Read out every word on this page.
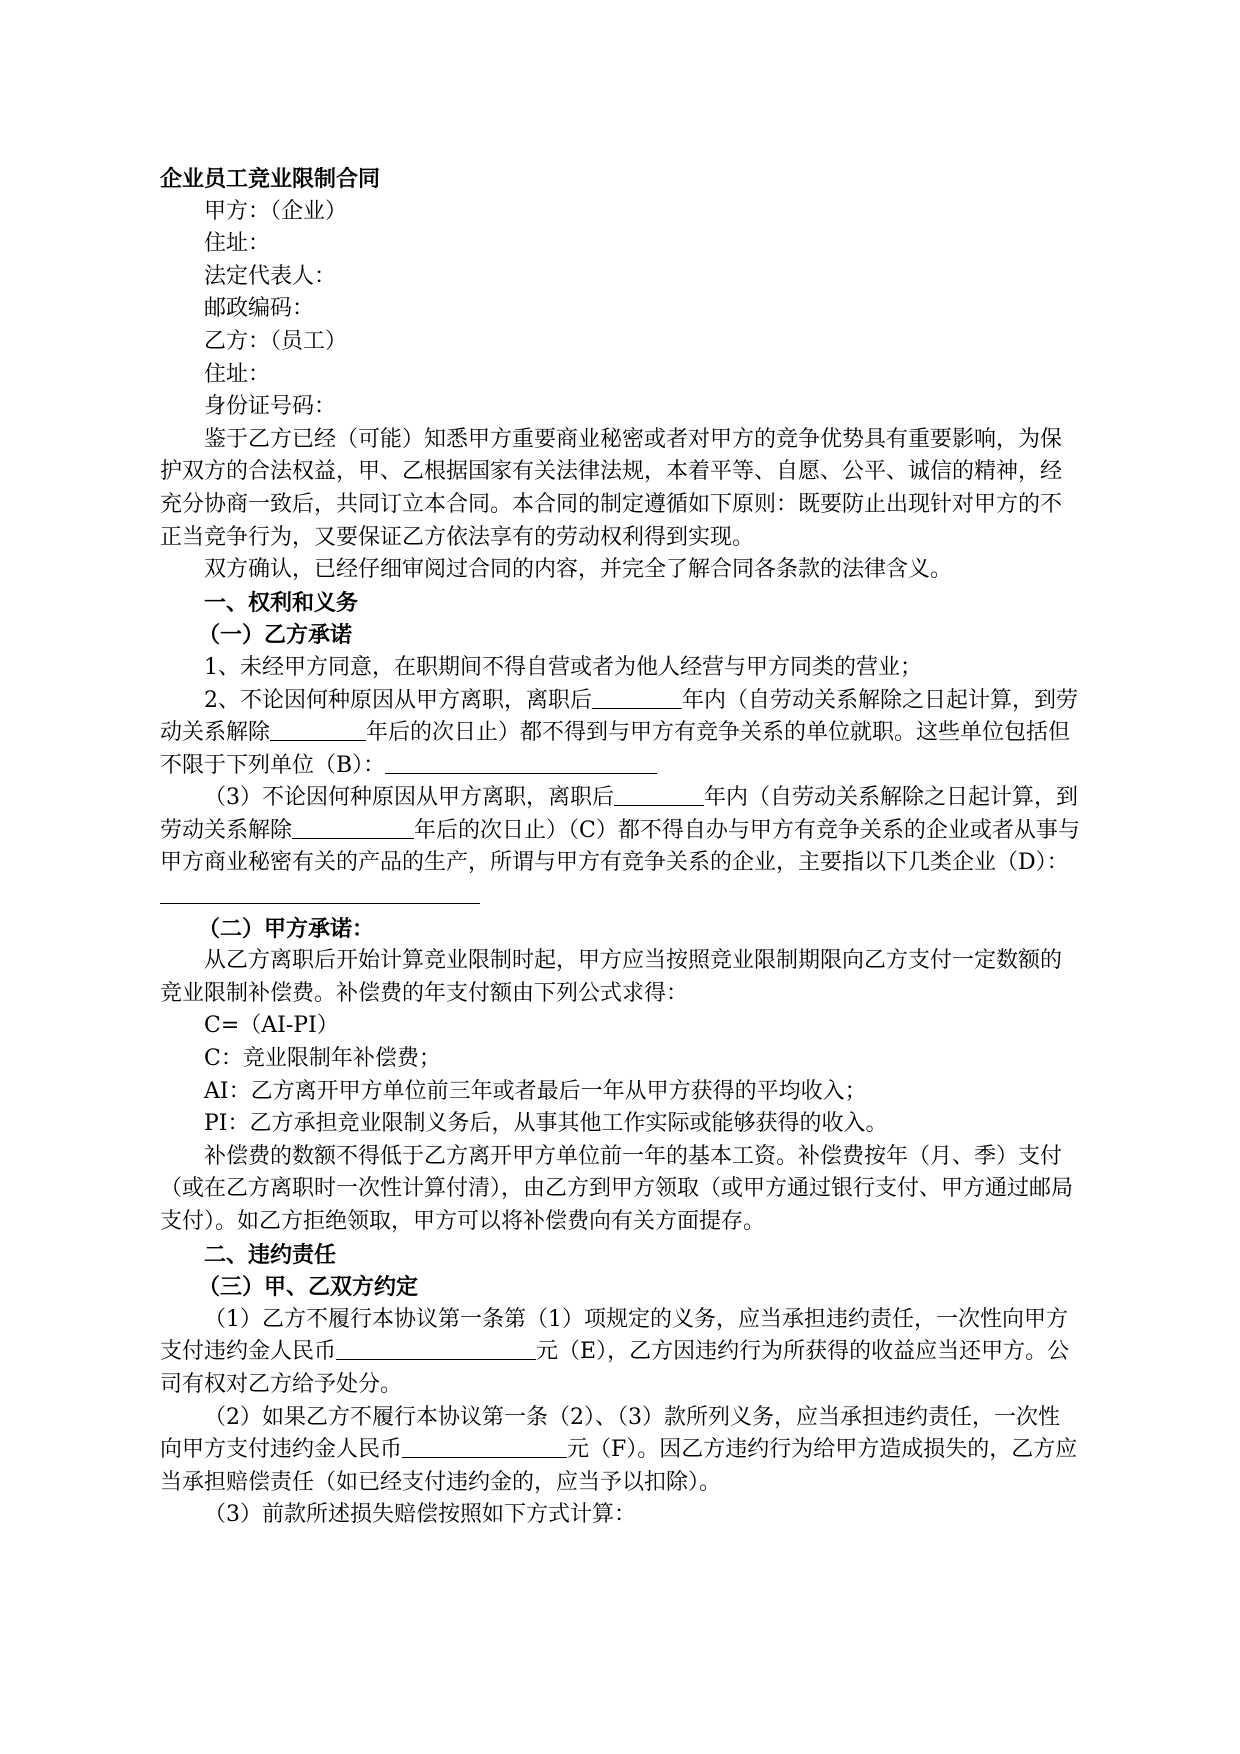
企业员工竞业限制合同

甲方：（企业）

住址：

法定代表人：

邮政编码：

乙方：（员工）

住址：

身份证号码：

鉴于乙方已经（可能）知悉甲方重要商业秘密或者对甲方的竞争优势具有重要影响，为保护双方的合法权益，甲、乙根据国家有关法律法规，本着平等、自愿、公平、诚信的精神，经充分协商一致后，共同订立本合同。本合同的制定遵循如下原则：既要防止出现针对甲方的不正当竞争行为，又要保证乙方依法享有的劳动权利得到实现。

双方确认，已经仔细审阅过合同的内容，并完全了解合同各条款的法律含义。

一、权利和义务

（一）乙方承诺

1、未经甲方同意，在职期间不得自营或者为他人经营与甲方同类的营业；

2、不论因何种原因从甲方离职，离职后	年内（自劳动关系解除之日起计算，到劳动关系解除	年后的次日止）都不得到与甲方有竞争关系的单位就职。这些单位包括但不限于下列单位（B）：

（3）不论因何种原因从甲方离职，离职后	年内（自劳动关系解除之日起计算，到劳动关系解除	年后的次日止）（C）都不得自办与甲方有竞争关系的企业或者从事与甲方商业秘密有关的产品的生产，所谓与甲方有竞争关系的企业，主要指以下几类企业（D）：

（二）甲方承诺：

从乙方离职后开始计算竞业限制时起，甲方应当按照竞业限制期限向乙方支付一定数额的竞业限制补偿费。补偿费的年支付额由下列公式求得：

C=（AI-PI）

C：竞业限制年补偿费；

AI：乙方离开甲方单位前三年或者最后一年从甲方获得的平均收入；

PI：乙方承担竞业限制义务后，从事其他工作实际或能够获得的收入。

补偿费的数额不得低于乙方离开甲方单位前一年的基本工资。补偿费按年（月、季）支付（或在乙方离职时一次性计算付清），由乙方到甲方领取（或甲方通过银行支付、甲方通过邮局支付）。如乙方拒绝领取，甲方可以将补偿费向有关方面提存。

二、违约责任

（三）甲、乙双方约定

（1）乙方不履行本协议第一条第（1）项规定的义务，应当承担违约责任，一次性向甲方支付违约金人民币	元（E），乙方因违约行为所获得的收益应当还甲方。公司有权对乙方给予处分。

（2）如果乙方不履行本协议第一条（2）、（3）款所列义务，应当承担违约责任，一次性向甲方支付违约金人民币	元（F）。因乙方违约行为给甲方造成损失的，乙方应当承担赔偿责任（如已经支付违约金的，应当予以扣除）。

（3）前款所述损失赔偿按照如下方式计算：
